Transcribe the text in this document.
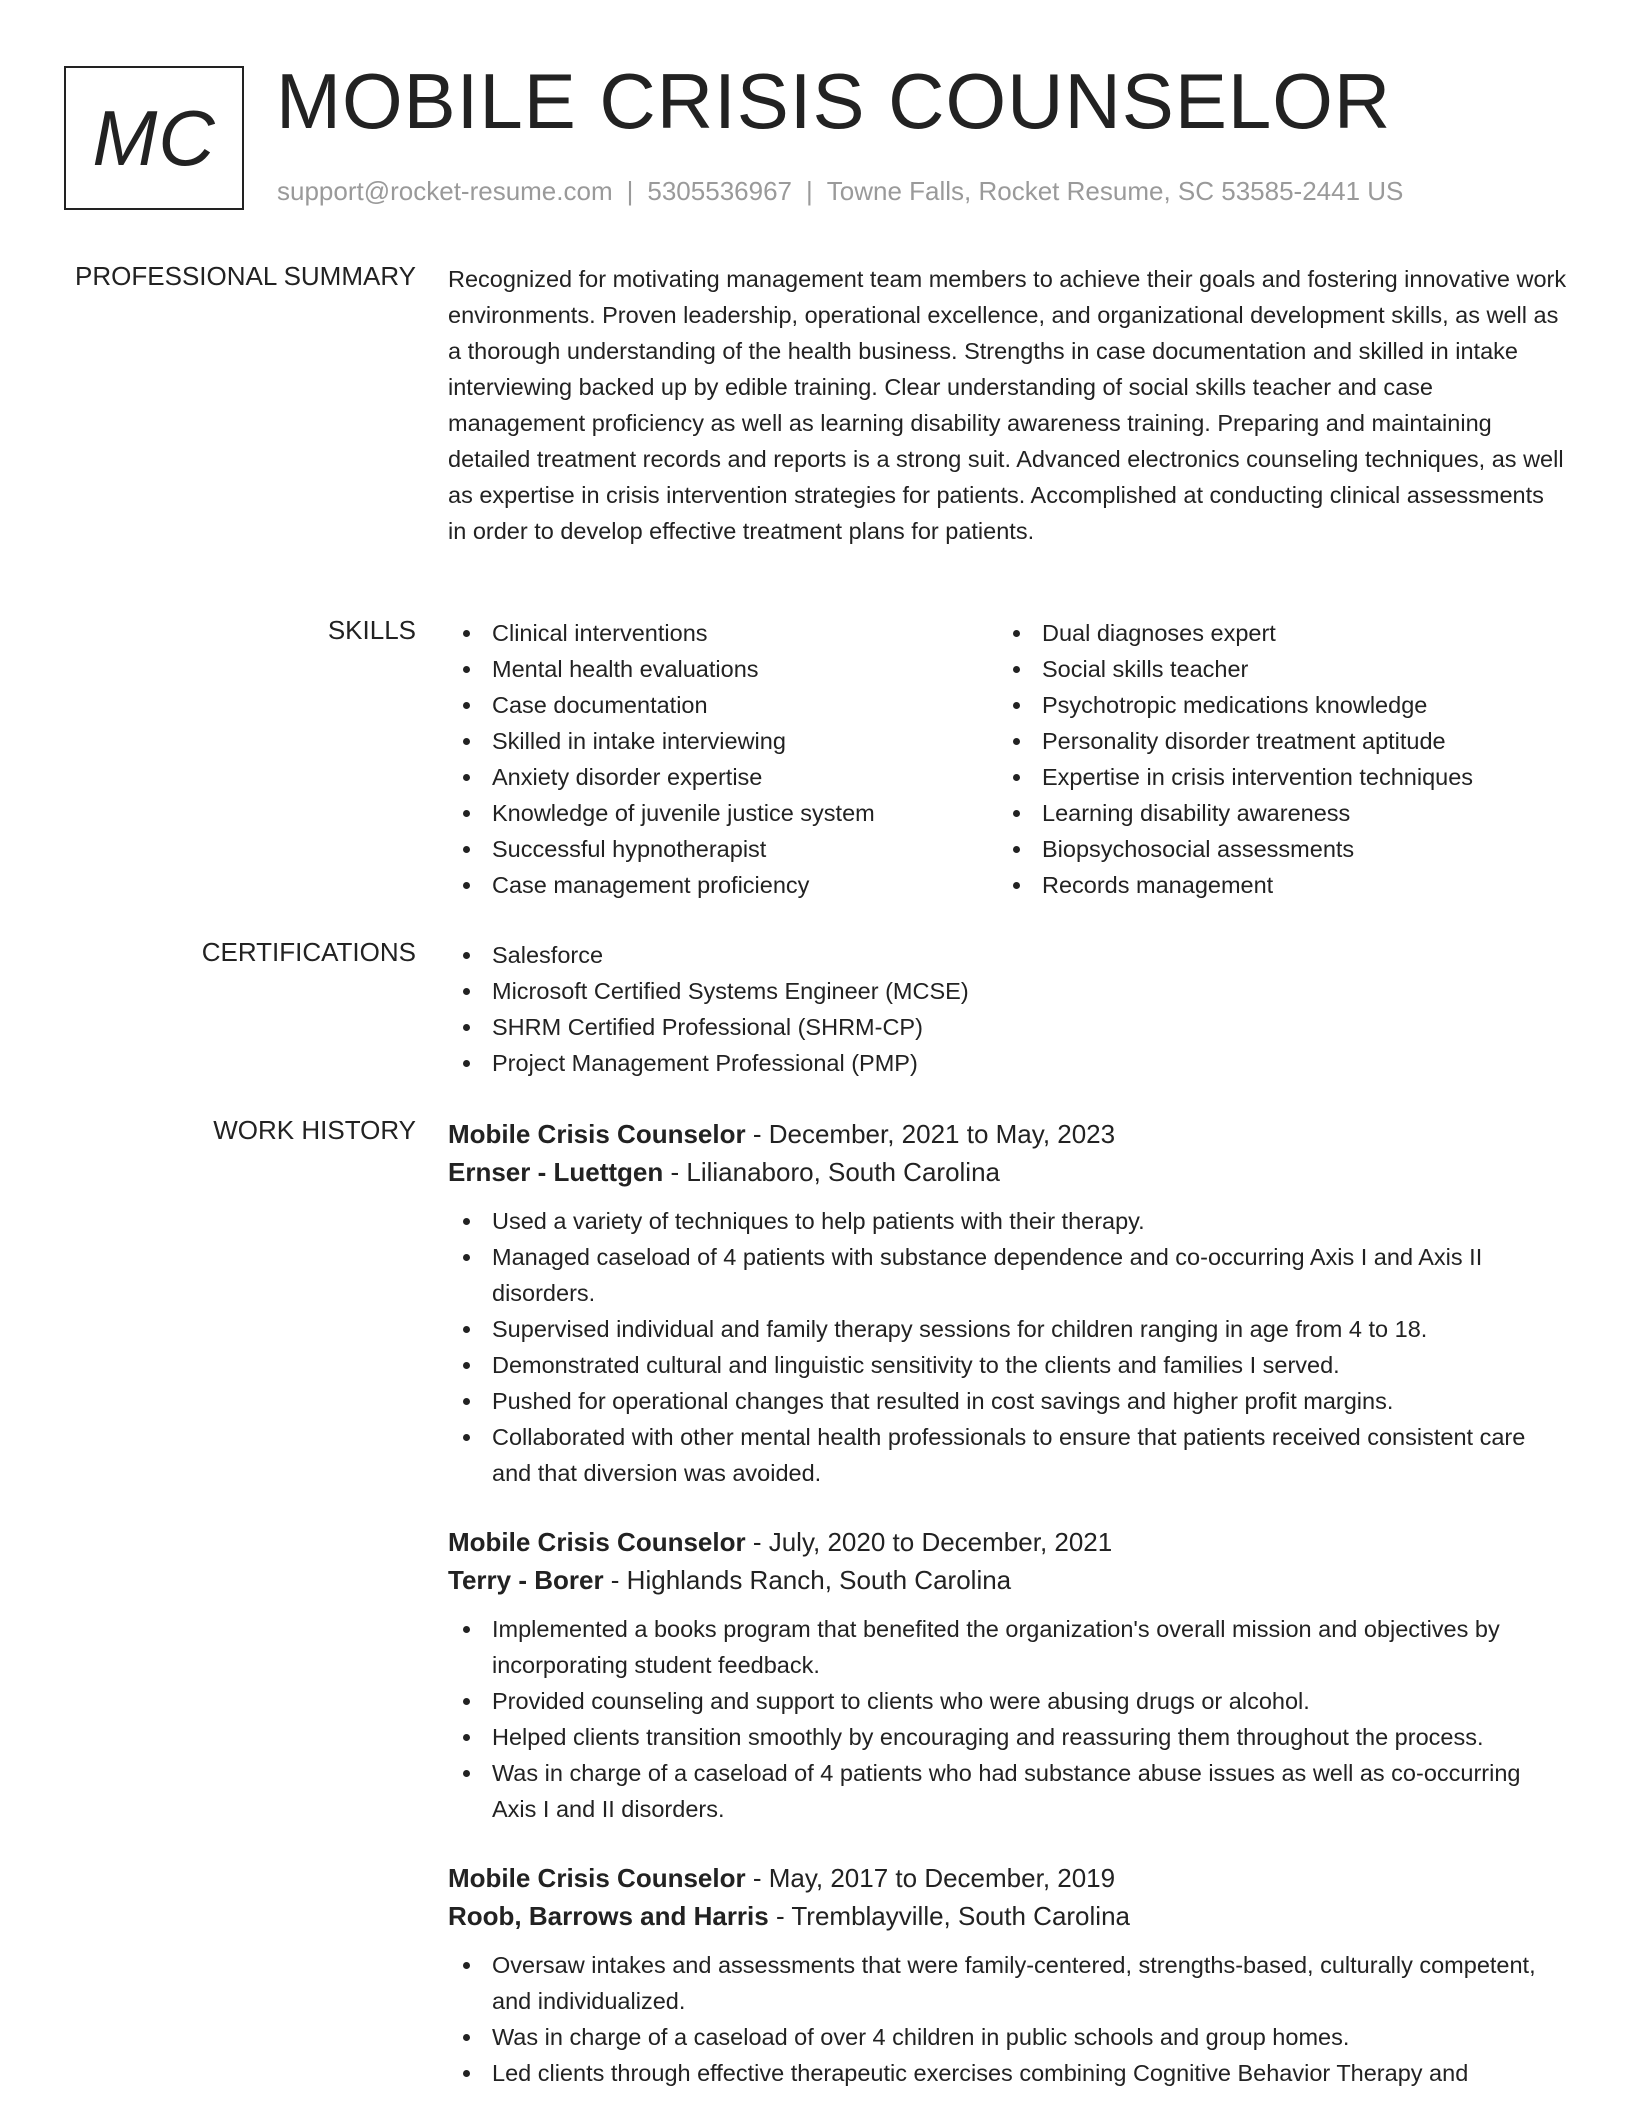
MC MOBILE CRISIS COUNSELOR
support@rocket-resume.com | 5305536967 | Towne Falls, Rocket Resume, SC 53585-2441 US
PROFESSIONAL SUMMARY Recognized for motivating management team members to achieve their goals and fostering innovative work environments. Proven leadership, operational excellence, and organizational development skills, as well as a thorough understanding of the health business. Strengths in case documentation and skilled in intake interviewing backed up by edible training. Clear understanding of social skills teacher and case management proficiency as well as learning disability awareness training. Preparing and maintaining detailed treatment records and reports is a strong suit. Advanced electronics counseling techniques, as well as expertise in crisis intervention strategies for patients. Accomplished at conducting clinical assessments in order to develop effective treatment plans for patients.

SKILLS	Clinical interventions
Mental health evaluations
Case documentation
Skilled in intake interviewing
Anxiety disorder expertise
Knowledge of juvenile justice system
Successful hypnotherapist
Case management proficiency
Dual diagnoses expert
Social skills teacher
Psychotropic medications knowledge
Personality disorder treatment aptitude
Expertise in crisis intervention techniques
Learning disability awareness
Biopsychosocial assessments
Records management
CERTIFICATIONS	Salesforce
Microsoft Certified Systems Engineer (MCSE)
SHRM Certified Professional (SHRM-CP)
Project Management Professional (PMP)
WORK HISTORY Mobile Crisis Counselor - December, 2021 to May, 2023
Ernser - Luettgen - Lilianaboro, South Carolina
Used a variety of techniques to help patients with their therapy.
Managed caseload of 4 patients with substance dependence and co-occurring Axis I and Axis II disorders.
Supervised individual and family therapy sessions for children ranging in age from 4 to 18.
Demonstrated cultural and linguistic sensitivity to the clients and families I served.
Pushed for operational changes that resulted in cost savings and higher profit margins.
Collaborated with other mental health professionals to ensure that patients received consistent care and that diversion was avoided.
Mobile Crisis Counselor - July, 2020 to December, 2021
Terry - Borer - Highlands Ranch, South Carolina
Implemented a books program that benefited the organization's overall mission and objectives by incorporating student feedback.
Provided counseling and support to clients who were abusing drugs or alcohol.
Helped clients transition smoothly by encouraging and reassuring them throughout the process.
Was in charge of a caseload of 4 patients who had substance abuse issues as well as co-occurring Axis I and II disorders.
Mobile Crisis Counselor - May, 2017 to December, 2019
Roob, Barrows and Harris - Tremblayville, South Carolina
Oversaw intakes and assessments that were family-centered, strengths-based, culturally competent, and individualized.
Was in charge of a caseload of over 4 children in public schools and group homes.
Led clients through effective therapeutic exercises combining Cognitive Behavior Therapy and
